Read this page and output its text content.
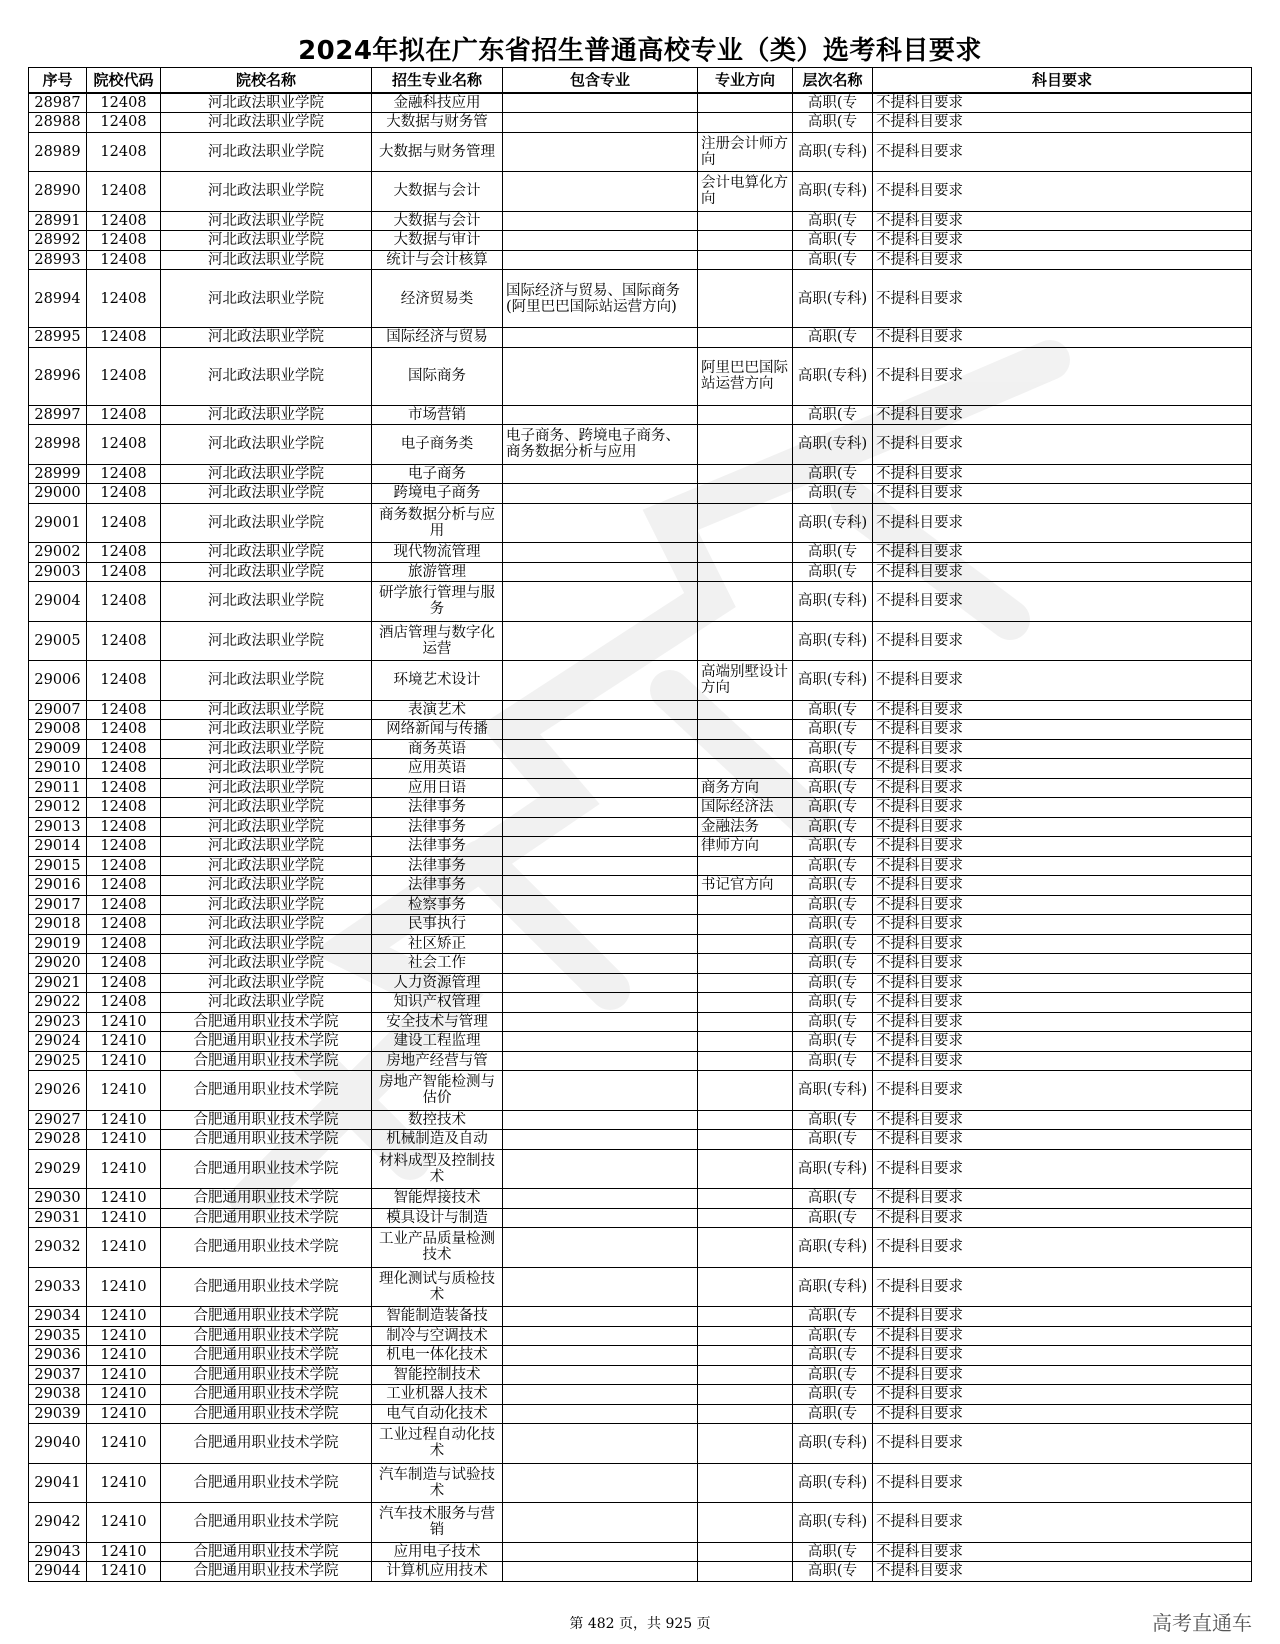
2024年拟在广东省招生普通高校专业（类）选考科目要求
序号	院校代码	院校名称	招生专业名称	包含专业	专业方向	层次名称	科目要求
28987	12408	河北政法职业学院	金融科技应用			高职(专	不提科目要求
28988	12408	河北政法职业学院	大数据与财务管			高职(专	不提科目要求
28989	12408	河北政法职业学院	大数据与财务管理		注册会计师方向	高职(专科)	不提科目要求
28990	12408	河北政法职业学院	大数据与会计		会计电算化方向	高职(专科)	不提科目要求
28991	12408	河北政法职业学院	大数据与会计			高职(专	不提科目要求
28992	12408	河北政法职业学院	大数据与审计			高职(专	不提科目要求
28993	12408	河北政法职业学院	统计与会计核算			高职(专	不提科目要求
28994	12408	河北政法职业学院	经济贸易类	国际经济与贸易、国际商务(阿里巴巴国际站运营方向)		高职(专科)	不提科目要求
28995	12408	河北政法职业学院	国际经济与贸易			高职(专	不提科目要求
28996	12408	河北政法职业学院	国际商务		阿里巴巴国际站运营方向	高职(专科)	不提科目要求
28997	12408	河北政法职业学院	市场营销			高职(专	不提科目要求
28998	12408	河北政法职业学院	电子商务类	电子商务、跨境电子商务、商务数据分析与应用		高职(专科)	不提科目要求
28999	12408	河北政法职业学院	电子商务			高职(专	不提科目要求
29000	12408	河北政法职业学院	跨境电子商务			高职(专	不提科目要求
29001	12408	河北政法职业学院	商务数据分析与应用			高职(专科)	不提科目要求
29002	12408	河北政法职业学院	现代物流管理			高职(专	不提科目要求
29003	12408	河北政法职业学院	旅游管理			高职(专	不提科目要求
29004	12408	河北政法职业学院	研学旅行管理与服务			高职(专科)	不提科目要求
29005	12408	河北政法职业学院	酒店管理与数字化运营			高职(专科)	不提科目要求
29006	12408	河北政法职业学院	环境艺术设计		高端别墅设计方向	高职(专科)	不提科目要求
29007	12408	河北政法职业学院	表演艺术			高职(专	不提科目要求
29008	12408	河北政法职业学院	网络新闻与传播			高职(专	不提科目要求
29009	12408	河北政法职业学院	商务英语			高职(专	不提科目要求
29010	12408	河北政法职业学院	应用英语			高职(专	不提科目要求
29011	12408	河北政法职业学院	应用日语		商务方向	高职(专	不提科目要求
29012	12408	河北政法职业学院	法律事务		国际经济法	高职(专	不提科目要求
29013	12408	河北政法职业学院	法律事务		金融法务	高职(专	不提科目要求
29014	12408	河北政法职业学院	法律事务		律师方向	高职(专	不提科目要求
29015	12408	河北政法职业学院	法律事务			高职(专	不提科目要求
29016	12408	河北政法职业学院	法律事务		书记官方向	高职(专	不提科目要求
29017	12408	河北政法职业学院	检察事务			高职(专	不提科目要求
29018	12408	河北政法职业学院	民事执行			高职(专	不提科目要求
29019	12408	河北政法职业学院	社区矫正			高职(专	不提科目要求
29020	12408	河北政法职业学院	社会工作			高职(专	不提科目要求
29021	12408	河北政法职业学院	人力资源管理			高职(专	不提科目要求
29022	12408	河北政法职业学院	知识产权管理			高职(专	不提科目要求
29023	12410	合肥通用职业技术学院	安全技术与管理			高职(专	不提科目要求
29024	12410	合肥通用职业技术学院	建设工程监理			高职(专	不提科目要求
29025	12410	合肥通用职业技术学院	房地产经营与管			高职(专	不提科目要求
29026	12410	合肥通用职业技术学院	房地产智能检测与估价			高职(专科)	不提科目要求
29027	12410	合肥通用职业技术学院	数控技术			高职(专	不提科目要求
29028	12410	合肥通用职业技术学院	机械制造及自动			高职(专	不提科目要求
29029	12410	合肥通用职业技术学院	材料成型及控制技术			高职(专科)	不提科目要求
29030	12410	合肥通用职业技术学院	智能焊接技术			高职(专	不提科目要求
29031	12410	合肥通用职业技术学院	模具设计与制造			高职(专	不提科目要求
29032	12410	合肥通用职业技术学院	工业产品质量检测技术			高职(专科)	不提科目要求
29033	12410	合肥通用职业技术学院	理化测试与质检技术			高职(专科)	不提科目要求
29034	12410	合肥通用职业技术学院	智能制造装备技			高职(专	不提科目要求
29035	12410	合肥通用职业技术学院	制冷与空调技术			高职(专	不提科目要求
29036	12410	合肥通用职业技术学院	机电一体化技术			高职(专	不提科目要求
29037	12410	合肥通用职业技术学院	智能控制技术			高职(专	不提科目要求
29038	12410	合肥通用职业技术学院	工业机器人技术			高职(专	不提科目要求
29039	12410	合肥通用职业技术学院	电气自动化技术			高职(专	不提科目要求
29040	12410	合肥通用职业技术学院	工业过程自动化技术			高职(专科)	不提科目要求
29041	12410	合肥通用职业技术学院	汽车制造与试验技术			高职(专科)	不提科目要求
29042	12410	合肥通用职业技术学院	汽车技术服务与营销			高职(专科)	不提科目要求
29043	12410	合肥通用职业技术学院	应用电子技术			高职(专	不提科目要求
29044	12410	合肥通用职业技术学院	计算机应用技术			高职(专	不提科目要求
第 482 页，共 925 页	高考直通车
